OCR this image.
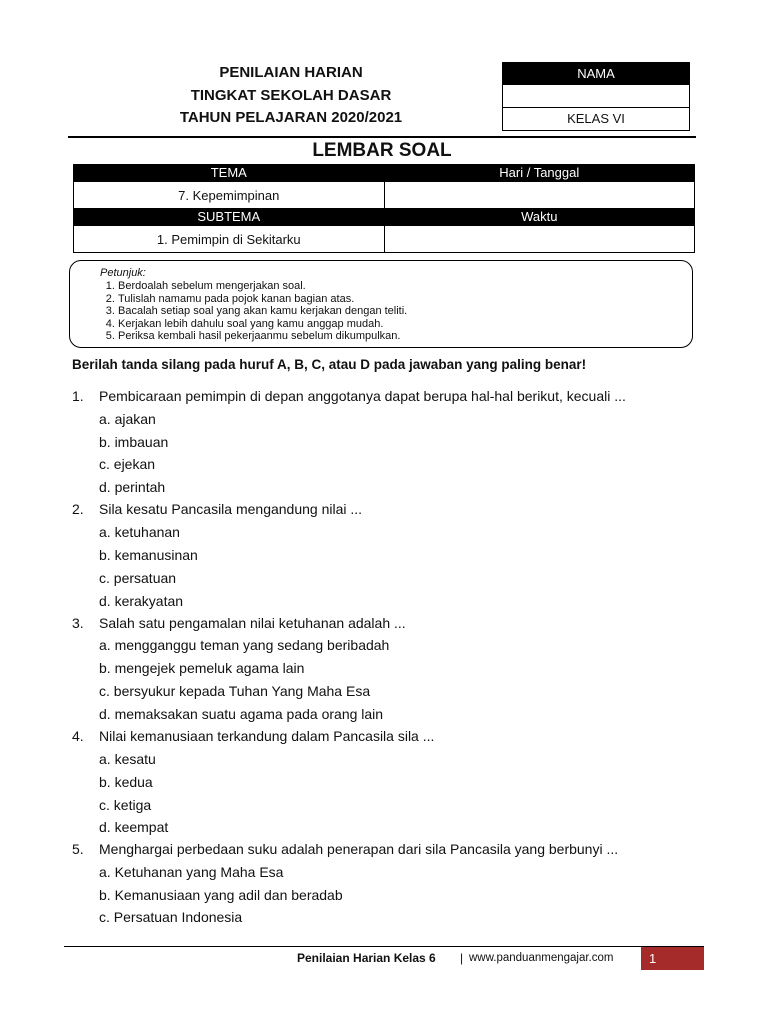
PENILAIAN HARIAN
TINGKAT SEKOLAH DASAR
TAHUN PELAJARAN 2020/2021
NAMA
KELAS VI
LEMBAR SOAL
TEMA	Hari / Tanggal
7. Kepemimpinan	
SUBTEMA	Waktu
1. Pemimpin di Sekitarku	
Petunjuk:
1. Berdoalah sebelum mengerjakan soal.
2. Tulislah namamu pada pojok kanan bagian atas.
3. Bacalah setiap soal yang akan kamu kerjakan dengan teliti.
4. Kerjakan lebih dahulu soal yang kamu anggap mudah.
5. Periksa kembali hasil pekerjaanmu sebelum dikumpulkan.
Berilah tanda silang pada huruf A, B, C, atau D pada jawaban yang paling benar!
1. Pembicaraan pemimpin di depan anggotanya dapat berupa hal-hal berikut, kecuali ...
a. ajakan
b. imbauan
c. ejekan
d. perintah
2. Sila kesatu Pancasila mengandung nilai ...
a. ketuhanan
b. kemanusinan
c. persatuan
d. kerakyatan
3. Salah satu pengamalan nilai ketuhanan adalah ...
a. mengganggu teman yang sedang beribadah
b. mengejek pemeluk agama lain
c. bersyukur kepada Tuhan Yang Maha Esa
d. memaksakan suatu agama pada orang lain
4. Nilai kemanusiaan terkandung dalam Pancasila sila ...
a. kesatu
b. kedua
c. ketiga
d. keempat
5. Menghargai perbedaan suku adalah penerapan dari sila Pancasila yang berbunyi ...
a. Ketuhanan yang Maha Esa
b. Kemanusiaan yang adil dan beradab
c. Persatuan Indonesia
Penilaian Harian Kelas 6 | www.panduanmengajar.com	1
